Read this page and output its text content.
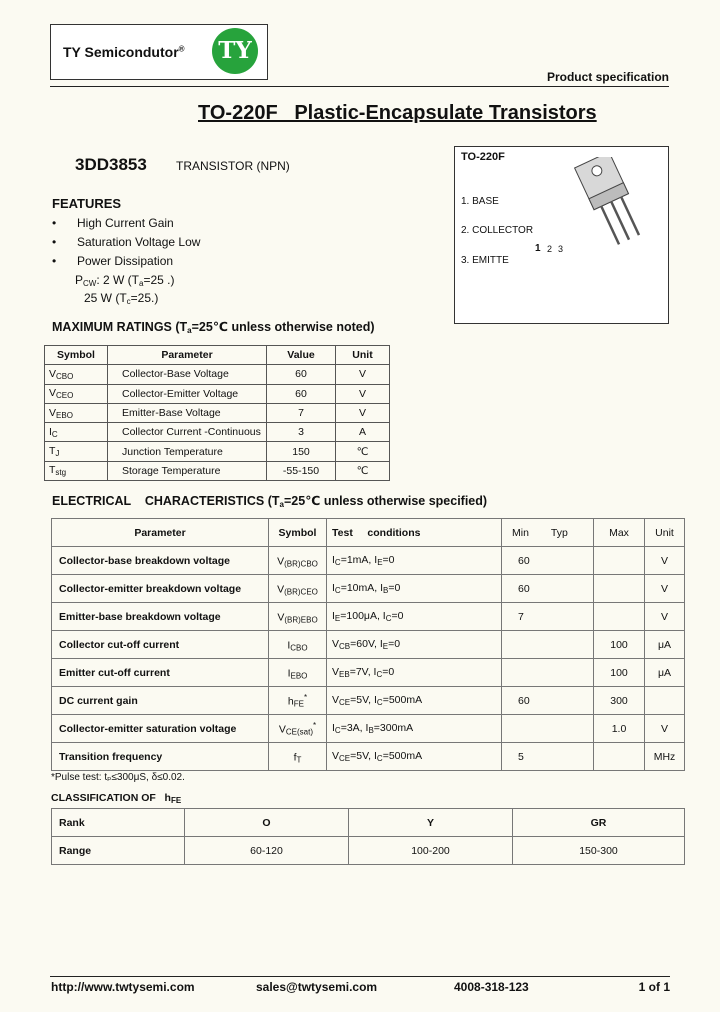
TY Semicondutor® TY
Product specification
TO-220F   Plastic-Encapsulate Transistors
3DD3853 TRANSISTOR (NPN)
TO-220F
1. BASE
2. COLLECTOR
3. EMITTE
1 2 3
FEATURES
• High Current Gain
• Saturation Voltage Low
• Power Dissipation
$P_{CW}$: 2 W ($T_a=25$ .)
25 W $(T_c=25.)$
MAXIMUM RATINGS ($T_a=25℃$ unless otherwise noted)
Symbol	Parameter	Value	Unit
$V_{CBO}$	Collector-Base Voltage	60	V
$V_{CEO}$	Collector-Emitter Voltage	60	V
$V_{EBO}$	Emitter-Base Voltage	7	V
$I_C$	Collector Current -Continuous	3	A
$T_J$	Junction Temperature	150	℃
$T_{stg}$	Storage Temperature	-55-150	℃
ELECTRICAL    CHARACTERISTICS ($T_a=25℃$ unless otherwise specified)
Parameter	Symbol	Test     conditions	Min Typ	Max	Unit
Collector-base breakdown voltage	$V_{(BR)CBO}$	$I_C=1mA$, $I_E=0$	60		V
Collector-emitter breakdown voltage	$V_{(BR)CEO}$	$I_C=10mA$, $I_B=0$	60		V
Emitter-base breakdown voltage	$V_{(BR)EBO}$	$I_E=100\mu A$, $I_C=0$	7		V
Collector cut-off current	$I_{CBO}$	$V_{CB}=60V$, $I_E=0$		100	μA
Emitter cut-off current	$I_{EBO}$	$V_{EB}=7V$, $I_C=0$		100	μA
DC current gain	$h_{FE}^*$	$V_{CE}=5V$, $I_C=500mA$	60	300	
Collector-emitter saturation voltage	$V_{CE(sat)}^*$	$I_C=3A$, $I_B=300mA$		1.0	V
Transition frequency	$f_T$	$V_{CE}=5V$, $I_C=500mA$	5		MHz
*Pulse test: tₚ≤300μS, δ≤0.02.
CLASSIFICATION OF   $h_{FE}$
Rank	O	Y	GR
Range	60-120	100-200	150-300
http://www.twtysemi.com	sales@twtysemi.com	4008-318-123	1 of 1
